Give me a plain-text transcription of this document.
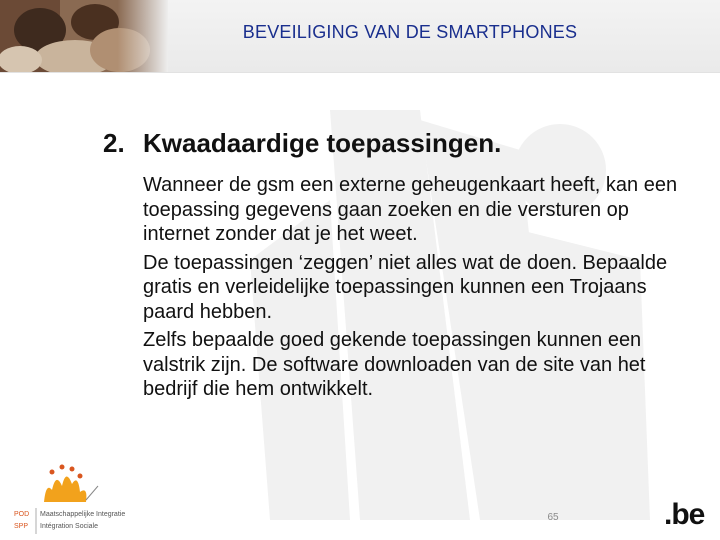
BEVEILIGING VAN DE SMARTPHONES
2. Kwaadaardige toepassingen.

Wanneer de gsm een externe geheugenkaart heeft, kan een toepassing gegevens gaan zoeken en die versturen op internet zonder dat je het weet.

De toepassingen ‘zeggen’ niet alles wat de doen. Bepaalde gratis en verleidelijke toepassingen kunnen een Trojaans paard hebben.

Zelfs bepaalde goed gekende toepassingen kunnen een valstrik zijn. De software downloaden van de site van het bedrijf die hem ontwikkelt.

POD Maatschappelijke Integratie
SPP Intégration Sociale
65	.be
